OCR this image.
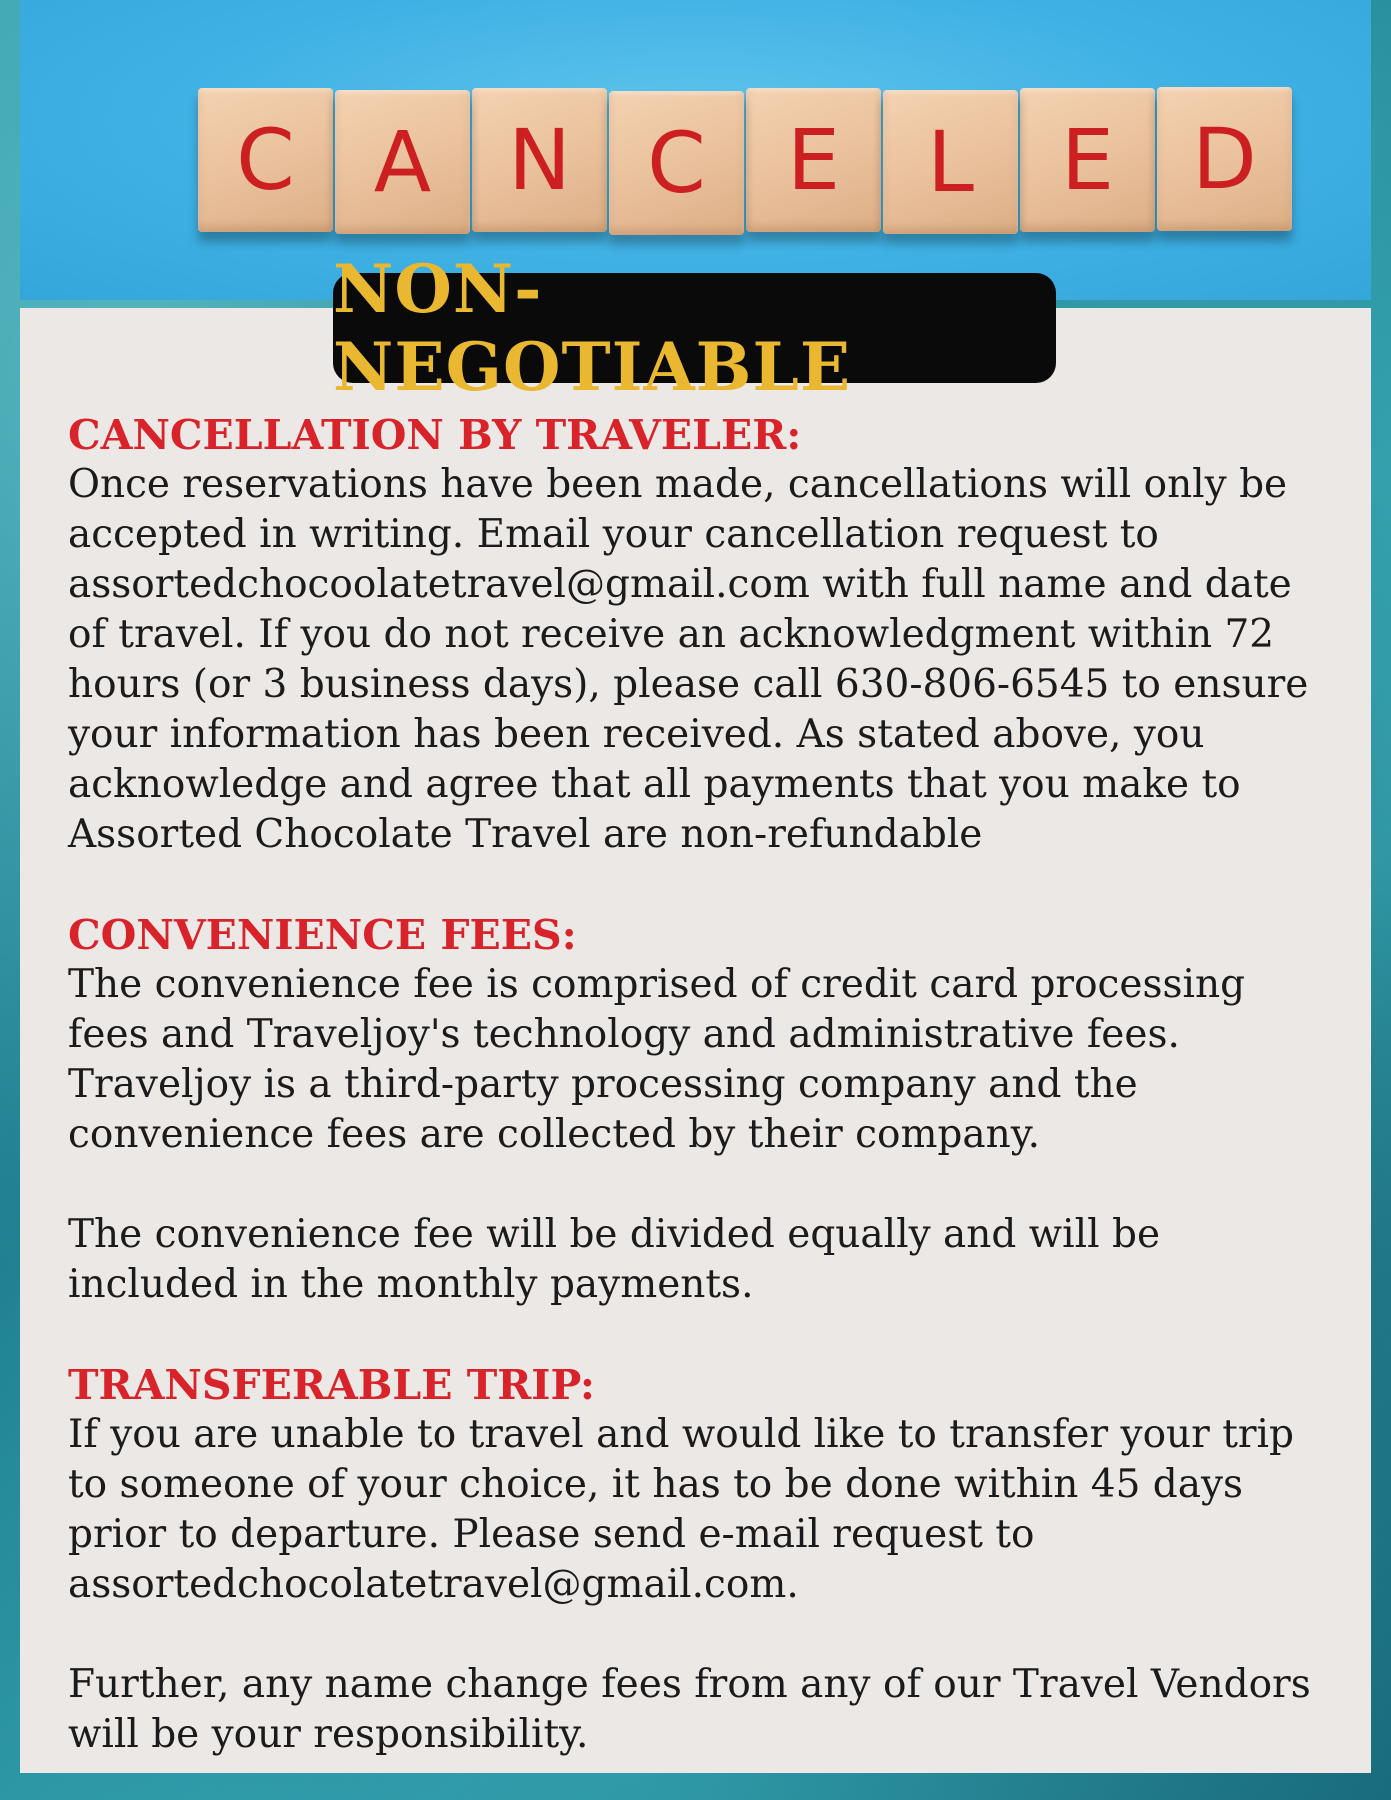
C A N C E	L	E D
NON-NEGOTIABLE
CANCELLATION BY TRAVELER:
Once reservations have been made, cancellations will only be
accepted in writing. Email your cancellation request to
assortedchocoolatetravel@gmail.com with full name and date
of travel. If you do not receive an acknowledgment within 72
hours (or 3 business days), please call 630-806-6545 to ensure
your information has been received. As stated above, you
acknowledge and agree that all payments that you make to
Assorted Chocolate Travel are non-refundable
CONVENIENCE FEES:
The convenience fee is comprised of credit card processing
fees and Traveljoy's technology and administrative fees.
Traveljoy is a third-party processing company and the
convenience fees are collected by their company.
The convenience fee will be divided equally and will be
included in the monthly payments.
TRANSFERABLE TRIP:
If you are unable to travel and would like to transfer your trip
to someone of your choice, it has to be done within 45 days
prior to departure. Please send e-mail request to
assortedchocolatetravel@gmail.com.
Further, any name change fees from any of our Travel Vendors
will be your responsibility.
